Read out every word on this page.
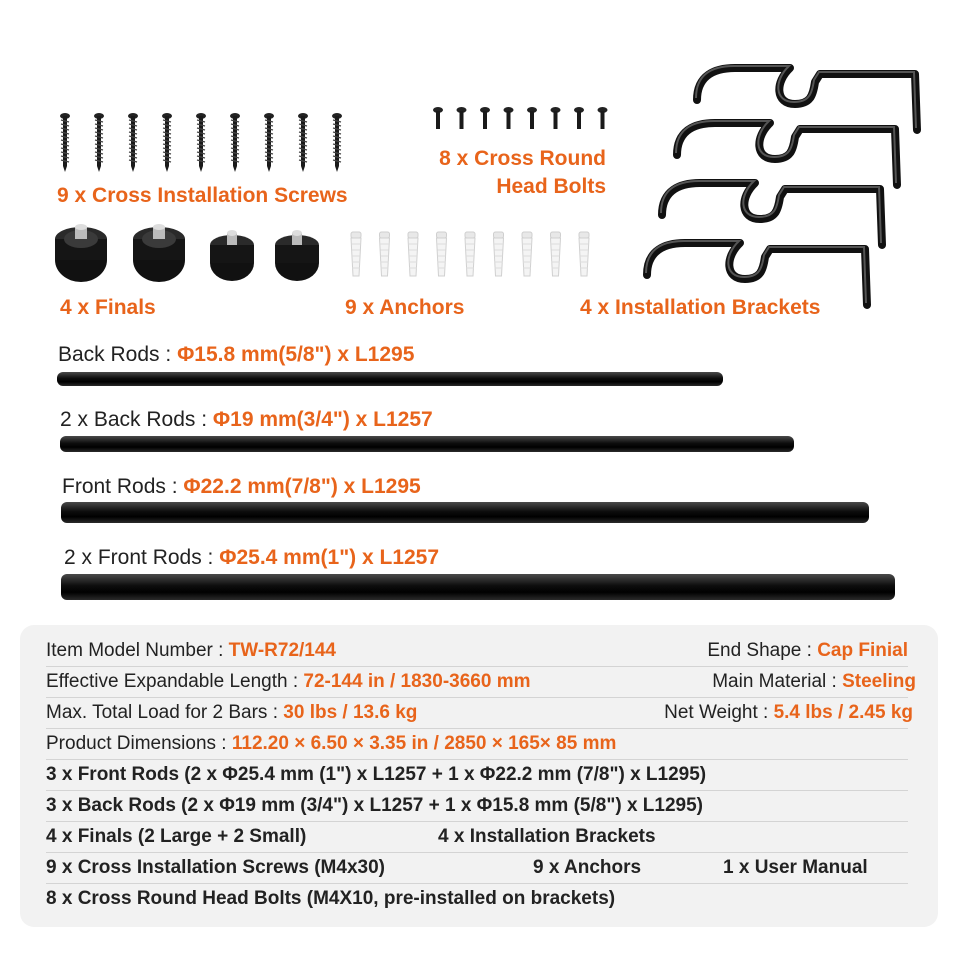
9 x Cross Installation Screws
8 x Cross Round
Head Bolts
4 x Finals	9 x Anchors	4 x Installation Brackets
Back Rods : Φ15.8 mm(5/8") x L1295
2 x Back Rods : Φ19 mm(3/4") x L1257
Front Rods : Φ22.2 mm(7/8") x L1295
2 x Front Rods : Φ25.4 mm(1") x L1257
Item Model Number : TW-R72/144	End Shape : Cap Finial
Effective Expandable Length : 72-144 in / 1830-3660 mm	Main Material : Steeling
Max. Total Load for 2 Bars : 30 lbs / 13.6 kg	Net Weight : 5.4 lbs / 2.45 kg
Product Dimensions : 112.20 × 6.50 × 3.35 in / 2850 × 165× 85 mm
3 x Front Rods (2 x Φ25.4 mm (1") x L1257 + 1 x Φ22.2 mm (7/8") x L1295)
3 x Back Rods (2 x Φ19 mm (3/4") x L1257 + 1 x Φ15.8 mm (5/8") x L1295)
4 x Finals (2 Large + 2 Small)	4 x Installation Brackets
9 x Cross Installation Screws (M4x30)	9 x Anchors	1 x User Manual
8 x Cross Round Head Bolts (M4X10, pre-installed on brackets)
